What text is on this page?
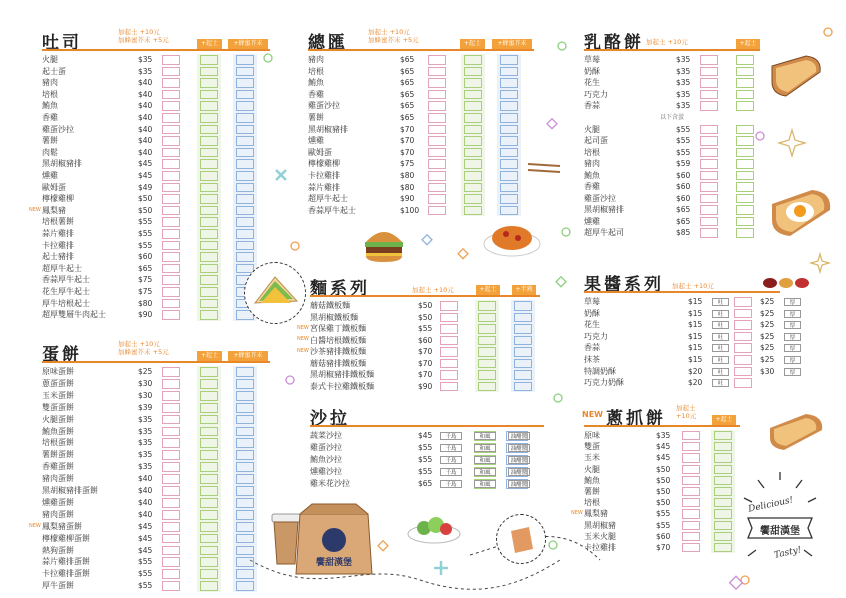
吐司
加起士 +10元
加蜂蜜芥末 +5元	+起士	+蜂蜜芥末
火腿	$35
起士蛋	$35
豬肉	$40
培根	$40
鮪魚	$40
香雞	$40
雞蛋沙拉	$40
薯餅	$40
肉鬆	$40
黑胡椒豬排	$45
燻雞	$45
歐姆蛋	$49
檸檬雞柳	$50
NEW 鳳梨豬	$50
培根薯餅	$55
蒜片雞排	$55
卡拉雞排	$55
起士豬排	$60
超厚牛起士	$65
香蒜厚牛起士	$75
花生厚牛起士	$75
厚牛培根起士	$80
超厚雙層牛肉起士	$90
蛋餅
加起士 +10元
加蜂蜜芥末 +5元	+起士	+蜂蜜芥末
原味蛋餅	$25
蔥蛋蛋餅	$30
玉米蛋餅	$30
雙蛋蛋餅	$39
火腿蛋餅	$35
鮪魚蛋餅	$35
培根蛋餅	$35
薯餅蛋餅	$35
香雞蛋餅	$35
豬肉蛋餅	$40
黑胡椒豬排蛋餅	$40
燻雞蛋餅	$40
豬肉蛋餅	$40
NEW 鳳梨豬蛋餅	$45
檸檬雞柳蛋餅	$45
熱狗蛋餅	$45
蒜片雞排蛋餅	$55
卡拉雞排蛋餅	$55
厚牛蛋餅	$55
總匯
加起士 +10元
加蜂蜜芥末 +5元	+起士	+蜂蜜芥末
豬肉	$65
培根	$65
鮪魚	$65
香雞	$65
雞蛋沙拉	$65
薯餅	$65
黑胡椒豬排	$70
燻雞	$70
歐姆蛋	$70
檸檬雞柳	$75
卡拉雞排	$80
蒜片雞排	$80
超厚牛起士	$90
香蒜厚牛起士	$100
麵系列	加起士 +10元	+起士	+半熟
蘑菇鐵板麵	$50
黑胡椒鐵板麵	$50
NEW 宮保雞丁鐵板麵	$55
NEW 白醬培根鐵板麵	$60
NEW 沙茶豬排鐵板麵	$70
蘑菇豬排鐵板麵	$70
黑胡椒豬排鐵板麵	$70
泰式卡拉雞鐵板麵	$90
沙拉
蔬菜沙拉	$45	千島	和風	油醋醬
雞蛋沙拉	$55	千島	和風	油醋醬
鮪魚沙拉	$55	千島	和風	油醋醬
燻雞沙拉	$55	千島	和風	油醋醬
雞米花沙拉	$65	千島	和風	油醋醬
乳酪餅 加起士 +10元	+起士
草莓	$35
奶酥	$35
花生	$35
巧克力	$35
香蒜	$35
以下含蛋
火腿	$55
起司蛋	$55
培根	$55
豬肉	$59
鮪魚	$60
香雞	$60
雞蛋沙拉	$60
黑胡椒豬排	$65
燻雞	$65
超厚牛起司	$85
果醬系列 加起士 +10元
草莓	$15	吐	$25	厚
奶酥	$15	吐	$25	厚
花生	$15	吐	$25	厚
巧克力	$15	吐	$25	厚
香蒜	$15	吐	$25	厚
抹茶	$15	吐	$25	厚
特調奶酥	$20	吐	$30	厚
巧克力奶酥	$20	吐
NEW 蔥抓餅
加起士
+10元	+起士
原味	$35
雙蛋	$45
玉米	$45
火腿	$50
鮪魚	$50
薯餅	$50
培根	$50
NEW 鳳梨豬	$55
黑胡椒豬	$55
玉米火腿	$60
卡拉雞排	$70
饗甜漢堡
Delicious!
饗甜漢堡
Tasty!
